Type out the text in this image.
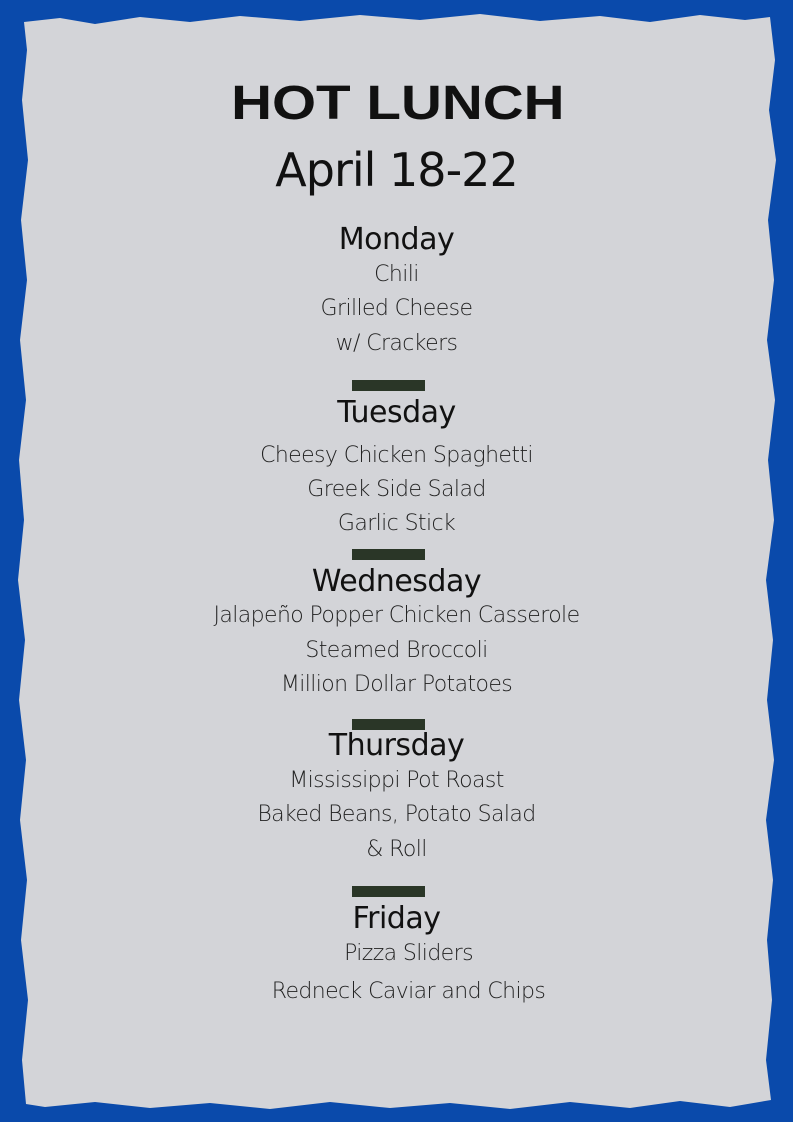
HOT LUNCH
April 18-22
Monday
Chili
Grilled Cheese
w/ Crackers
Tuesday
Cheesy Chicken Spaghetti
Greek Side Salad
Garlic Stick
Wednesday
Jalapeño Popper Chicken Casserole
Steamed Broccoli
Million Dollar Potatoes
Thursday
Mississippi Pot Roast
Baked Beans, Potato Salad
& Roll
Friday
Pizza Sliders
Redneck Caviar and Chips
